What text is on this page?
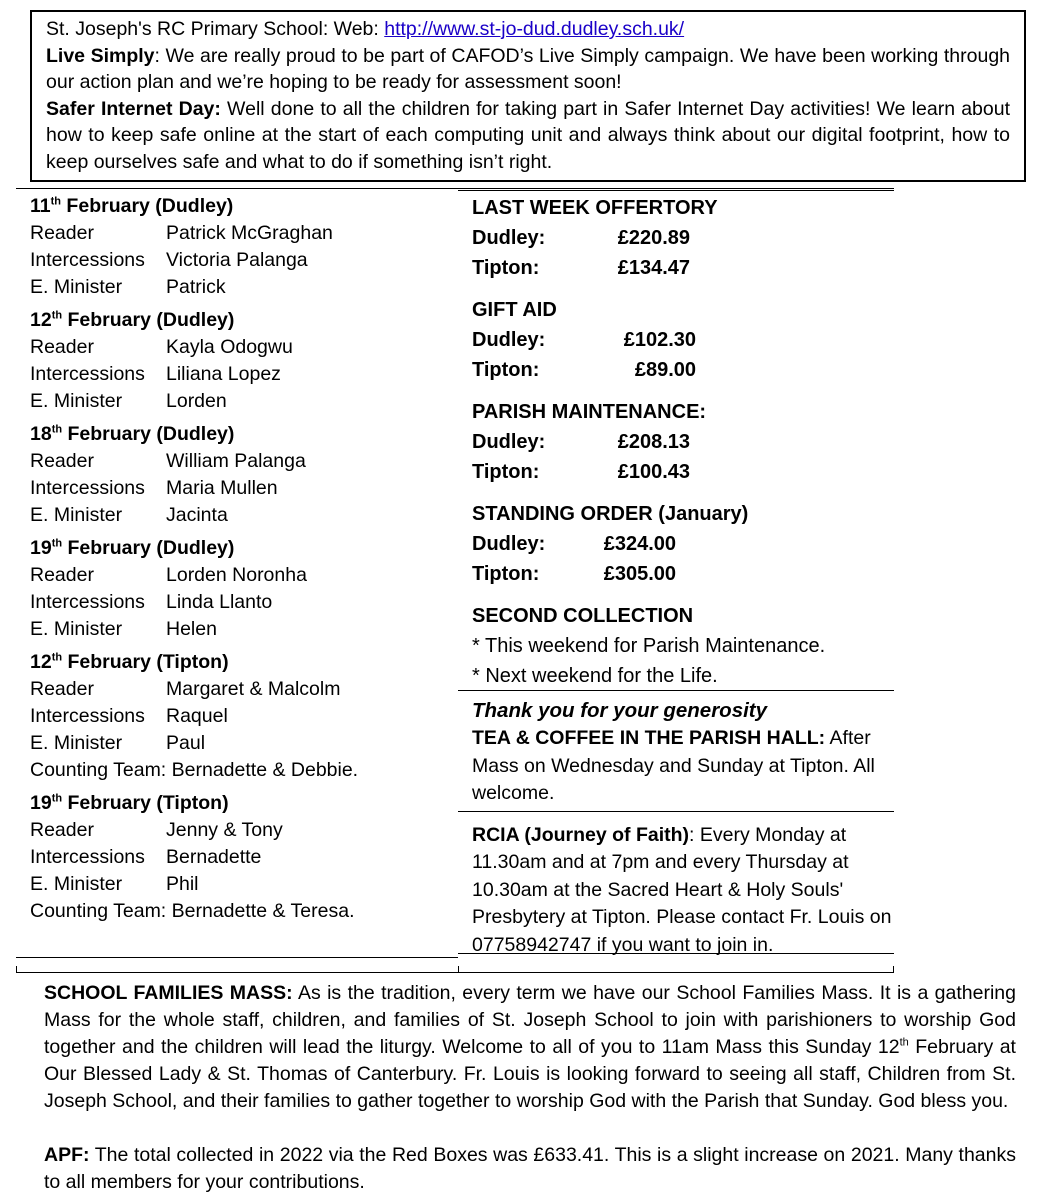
St. Joseph's RC Primary School: Web: http://www.st-jo-dud.dudley.sch.uk/

Live Simply: We are really proud to be part of CAFOD’s Live Simply campaign. We have been working through our action plan and we’re hoping to be ready for assessment soon!

Safer Internet Day: Well done to all the children for taking part in Safer Internet Day activities! We learn about how to keep safe online at the start of each computing unit and always think about our digital footprint, how to keep ourselves safe and what to do if something isn’t right.

11th February (Dudley)
Reader	Patrick McGraghan
Intercessions	Victoria Palanga
E. Minister	Patrick
12th February (Dudley)
Reader	Kayla Odogwu
Intercessions	Liliana Lopez
E. Minister	Lorden
18th February (Dudley)
Reader	William Palanga
Intercessions	Maria Mullen
E. Minister	Jacinta
19th February (Dudley)
Reader	Lorden Noronha
Intercessions	Linda Llanto
E. Minister	Helen
12th February (Tipton)
Reader	Margaret & Malcolm
Intercessions	Raquel
E. Minister	Paul
Counting Team: Bernadette & Debbie.
19th February (Tipton)
Reader	Jenny & Tony
Intercessions	Bernadette
E. Minister	Phil
Counting Team: Bernadette & Teresa.
LAST WEEK OFFERTORY
Dudley:	£220.89
Tipton:	£134.47
GIFT AID
Dudley:	£102.30
Tipton:	£89.00
PARISH MAINTENANCE:
Dudley:	£208.13
Tipton:	£100.43
STANDING ORDER (January)
Dudley:	£324.00
Tipton:	£305.00
SECOND COLLECTION
* This weekend for Parish Maintenance.
* Next weekend for the Life.
Thank you for your generosity
TEA & COFFEE IN THE PARISH HALL: After Mass on Wednesday and Sunday at Tipton. All welcome.
RCIA (Journey of Faith): Every Monday at 11.30am and at 7pm and every Thursday at 10.30am at the Sacred Heart & Holy Souls' Presbytery at Tipton. Please contact Fr. Louis on 07758942747 if you want to join in.

SCHOOL FAMILIES MASS: As is the tradition, every term we have our School Families Mass. It is a gathering Mass for the whole staff, children, and families of St. Joseph School to join with parishioners to worship God together and the children will lead the liturgy. Welcome to all of you to 11am Mass this Sunday 12th February at Our Blessed Lady & St. Thomas of Canterbury. Fr. Louis is looking forward to seeing all staff, Children from St. Joseph School, and their families to gather together to worship God with the Parish that Sunday. God bless you.

APF: The total collected in 2022 via the Red Boxes was £633.41. This is a slight increase on 2021. Many thanks to all members for your contributions.
